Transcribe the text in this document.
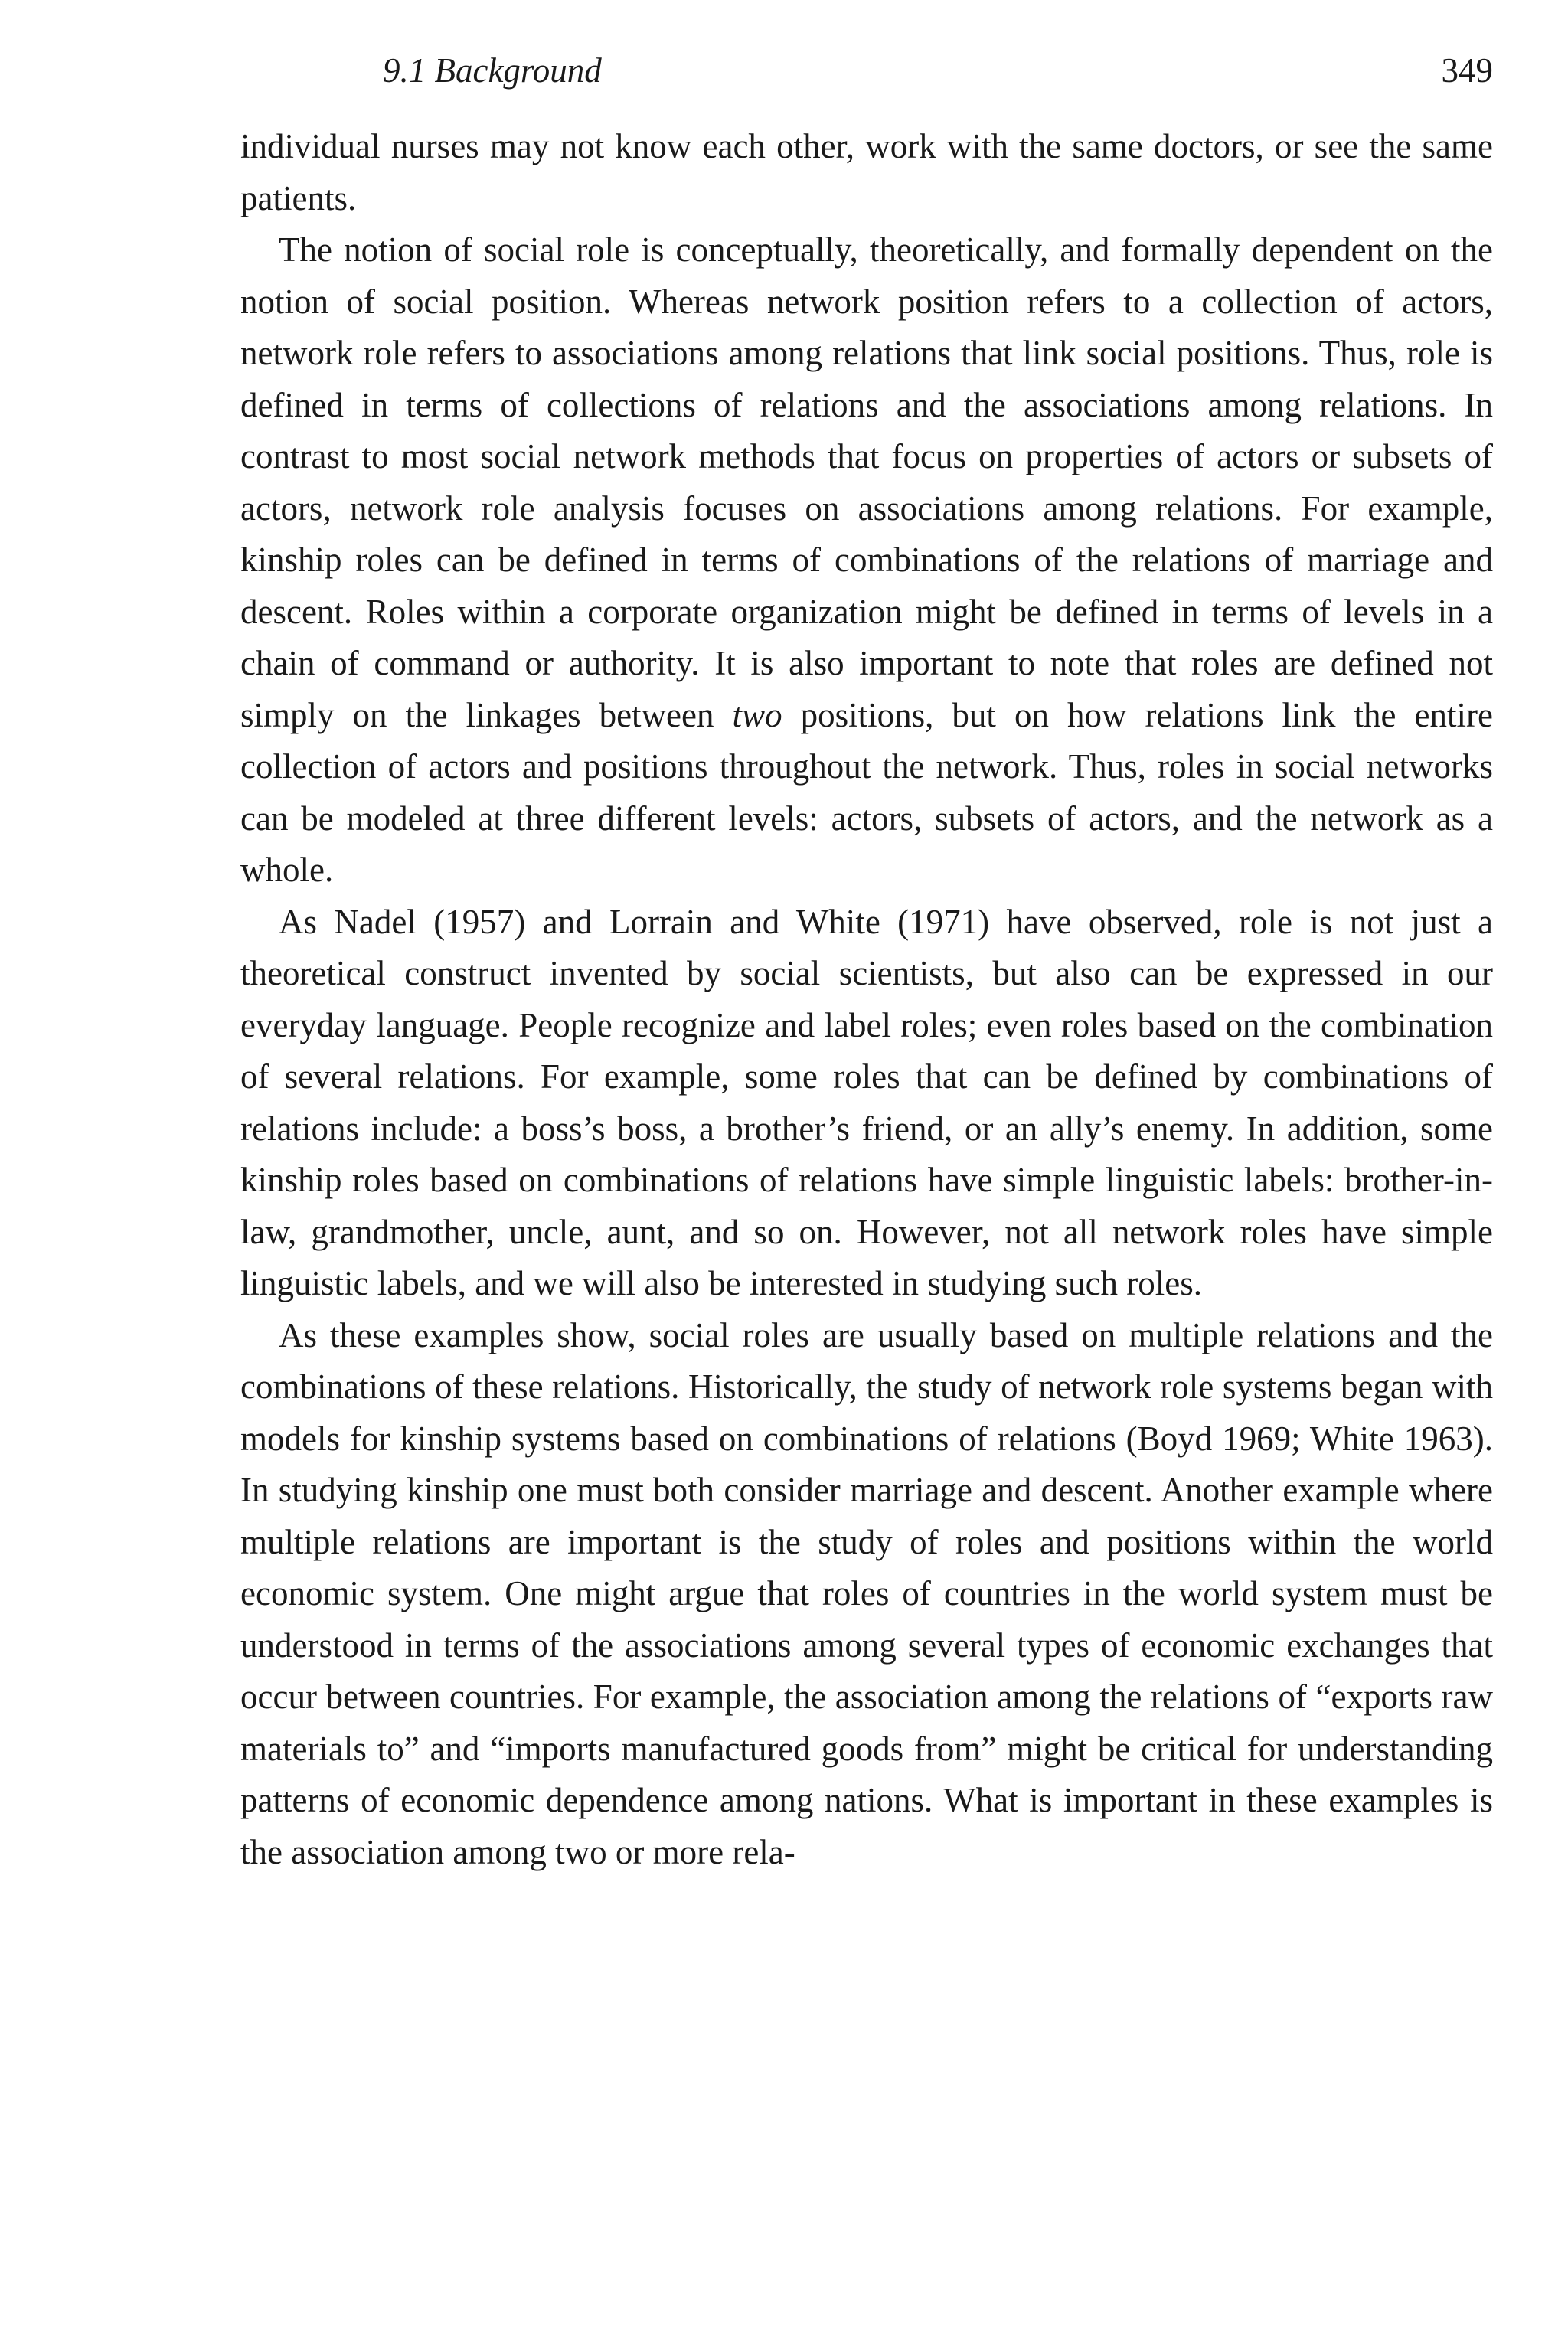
9.1 Background	349

individual nurses may not know each other, work with the same doctors, or see the same patients.

The notion of social role is conceptually, theoretically, and formally dependent on the notion of social position. Whereas network position refers to a collection of actors, network role refers to associations among relations that link social positions. Thus, role is defined in terms of collections of relations and the associations among relations. In contrast to most social network methods that focus on properties of actors or subsets of actors, network role analysis focuses on associations among relations. For example, kinship roles can be defined in terms of combinations of the relations of marriage and descent. Roles within a corporate organization might be defined in terms of levels in a chain of command or authority. It is also important to note that roles are defined not simply on the linkages between two positions, but on how relations link the entire collection of actors and positions throughout the network. Thus, roles in social networks can be modeled at three different levels: actors, subsets of actors, and the network as a whole.

As Nadel (1957) and Lorrain and White (1971) have observed, role is not just a theoretical construct invented by social scientists, but also can be expressed in our everyday language. People recognize and label roles; even roles based on the combination of several relations. For example, some roles that can be defined by combinations of relations include: a boss’s boss, a brother’s friend, or an ally’s enemy. In addition, some kinship roles based on combinations of relations have simple linguistic labels: brother-in-law, grandmother, uncle, aunt, and so on. However, not all network roles have simple linguistic labels, and we will also be interested in studying such roles.

As these examples show, social roles are usually based on multiple relations and the combinations of these relations. Historically, the study of network role systems began with models for kinship systems based on combinations of relations (Boyd 1969; White 1963). In studying kinship one must both consider marriage and descent. Another example where multiple relations are important is the study of roles and positions within the world economic system. One might argue that roles of countries in the world system must be understood in terms of the associations among several types of economic exchanges that occur between countries. For example, the association among the relations of “exports raw materials to” and “imports manufactured goods from” might be critical for understanding patterns of economic dependence among nations. What is important in these examples is the association among two or more rela-
